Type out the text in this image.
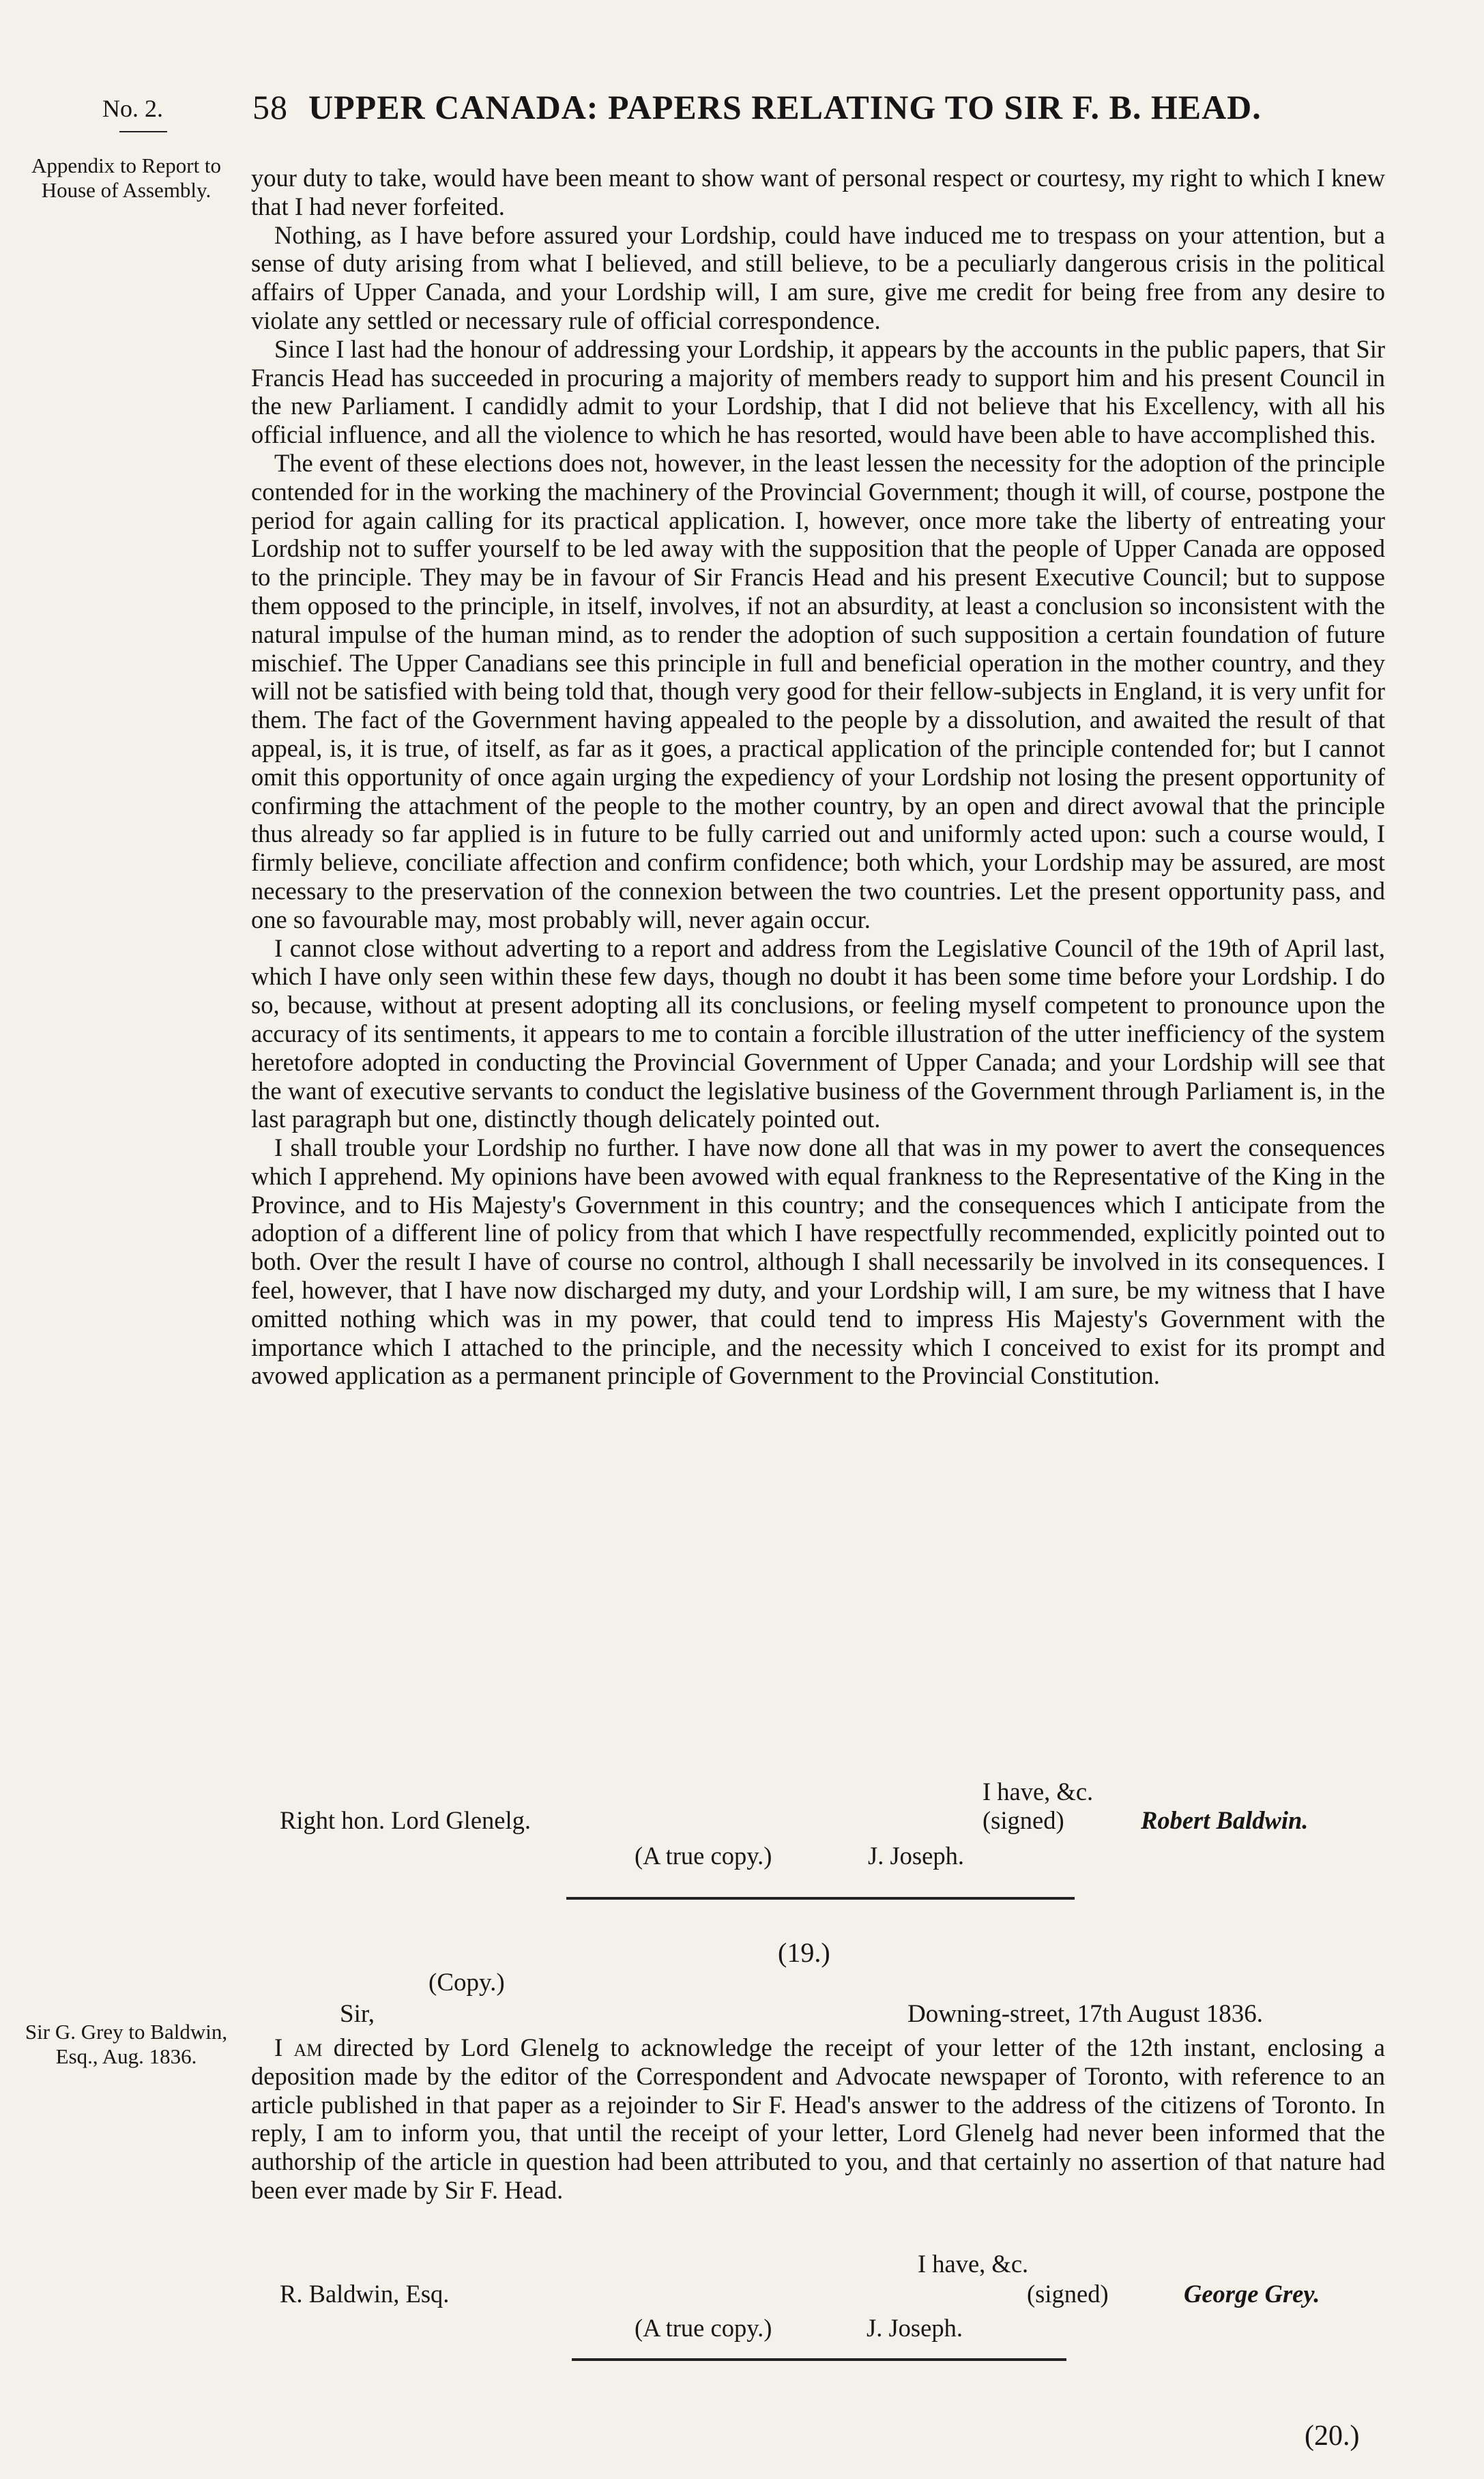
No. 2.	58 UPPER CANADA: PAPERS RELATING TO SIR F. B. HEAD.
Appendix to Report to House of Assembly.	your duty to take, would have been meant to show want of personal respect or courtesy, my right to which I knew that I had never forfeited.

Nothing, as I have before assured your Lordship, could have induced me to trespass on your attention, but a sense of duty arising from what I believed, and still believe, to be a peculiarly dangerous crisis in the political affairs of Upper Canada, and your Lordship will, I am sure, give me credit for being free from any desire to violate any settled or necessary rule of official correspondence.

Since I last had the honour of addressing your Lordship, it appears by the accounts in the public papers, that Sir Francis Head has succeeded in procuring a majority of members ready to support him and his present Council in the new Parliament. I candidly admit to your Lordship, that I did not believe that his Excellency, with all his official influence, and all the violence to which he has resorted, would have been able to have accomplished this.

The event of these elections does not, however, in the least lessen the necessity for the adoption of the principle contended for in the working the machinery of the Provincial Government; though it will, of course, postpone the period for again calling for its practical application. I, however, once more take the liberty of entreating your Lordship not to suffer yourself to be led away with the supposition that the people of Upper Canada are opposed to the principle. They may be in favour of Sir Francis Head and his present Executive Council; but to suppose them opposed to the principle, in itself, involves, if not an absurdity, at least a conclusion so inconsistent with the natural impulse of the human mind, as to render the adoption of such supposition a certain foundation of future mischief. The Upper Canadians see this principle in full and beneficial operation in the mother country, and they will not be satisfied with being told that, though very good for their fellow-subjects in England, it is very unfit for them. The fact of the Government having appealed to the people by a dissolution, and awaited the result of that appeal, is, it is true, of itself, as far as it goes, a practical application of the principle contended for; but I cannot omit this opportunity of once again urging the expediency of your Lordship not losing the present opportunity of confirming the attachment of the people to the mother country, by an open and direct avowal that the principle thus already so far applied is in future to be fully carried out and uniformly acted upon: such a course would, I firmly believe, conciliate affection and confirm confidence; both which, your Lordship may be assured, are most necessary to the preservation of the connexion between the two countries. Let the present opportunity pass, and one so favourable may, most probably will, never again occur.

I cannot close without adverting to a report and address from the Legislative Council of the 19th of April last, which I have only seen within these few days, though no doubt it has been some time before your Lordship. I do so, because, without at present adopting all its conclusions, or feeling myself competent to pronounce upon the accuracy of its sentiments, it appears to me to contain a forcible illustration of the utter inefficiency of the system heretofore adopted in conducting the Provincial Government of Upper Canada; and your Lordship will see that the want of executive servants to conduct the legislative business of the Government through Parliament is, in the last paragraph but one, distinctly though delicately pointed out.

I shall trouble your Lordship no further. I have now done all that was in my power to avert the consequences which I apprehend. My opinions have been avowed with equal frankness to the Representative of the King in the Province, and to His Majesty's Government in this country; and the consequences which I anticipate from the adoption of a different line of policy from that which I have respectfully recommended, explicitly pointed out to both. Over the result I have of course no control, although I shall necessarily be involved in its consequences. I feel, however, that I have now discharged my duty, and your Lordship will, I am sure, be my witness that I have omitted nothing which was in my power, that could tend to impress His Majesty's Government with the importance which I attached to the principle, and the necessity which I conceived to exist for its prompt and avowed application as a permanent principle of Government to the Provincial Constitution.

I have, &c.
Right hon. Lord Glenelg.	(signed)	Robert Baldwin.
(A true copy.)	J. Joseph.
(19.)
(Copy.)
Sir,	Downing-street, 17th August 1836.
Sir G. Grey to Baldwin, Esq., Aug. 1836.	I am directed by Lord Glenelg to acknowledge the receipt of your letter of the 12th instant, enclosing a deposition made by the editor of the Correspondent and Advocate newspaper of Toronto, with reference to an article published in that paper as a rejoinder to Sir F. Head's answer to the address of the citizens of Toronto. In reply, I am to inform you, that until the receipt of your letter, Lord Glenelg had never been informed that the authorship of the article in question had been attributed to you, and that certainly no assertion of that nature had been ever made by Sir F. Head.

I have, &c.
R. Baldwin, Esq.	(signed)	George Grey.
(A true copy.)	J. Joseph.
(20.)
